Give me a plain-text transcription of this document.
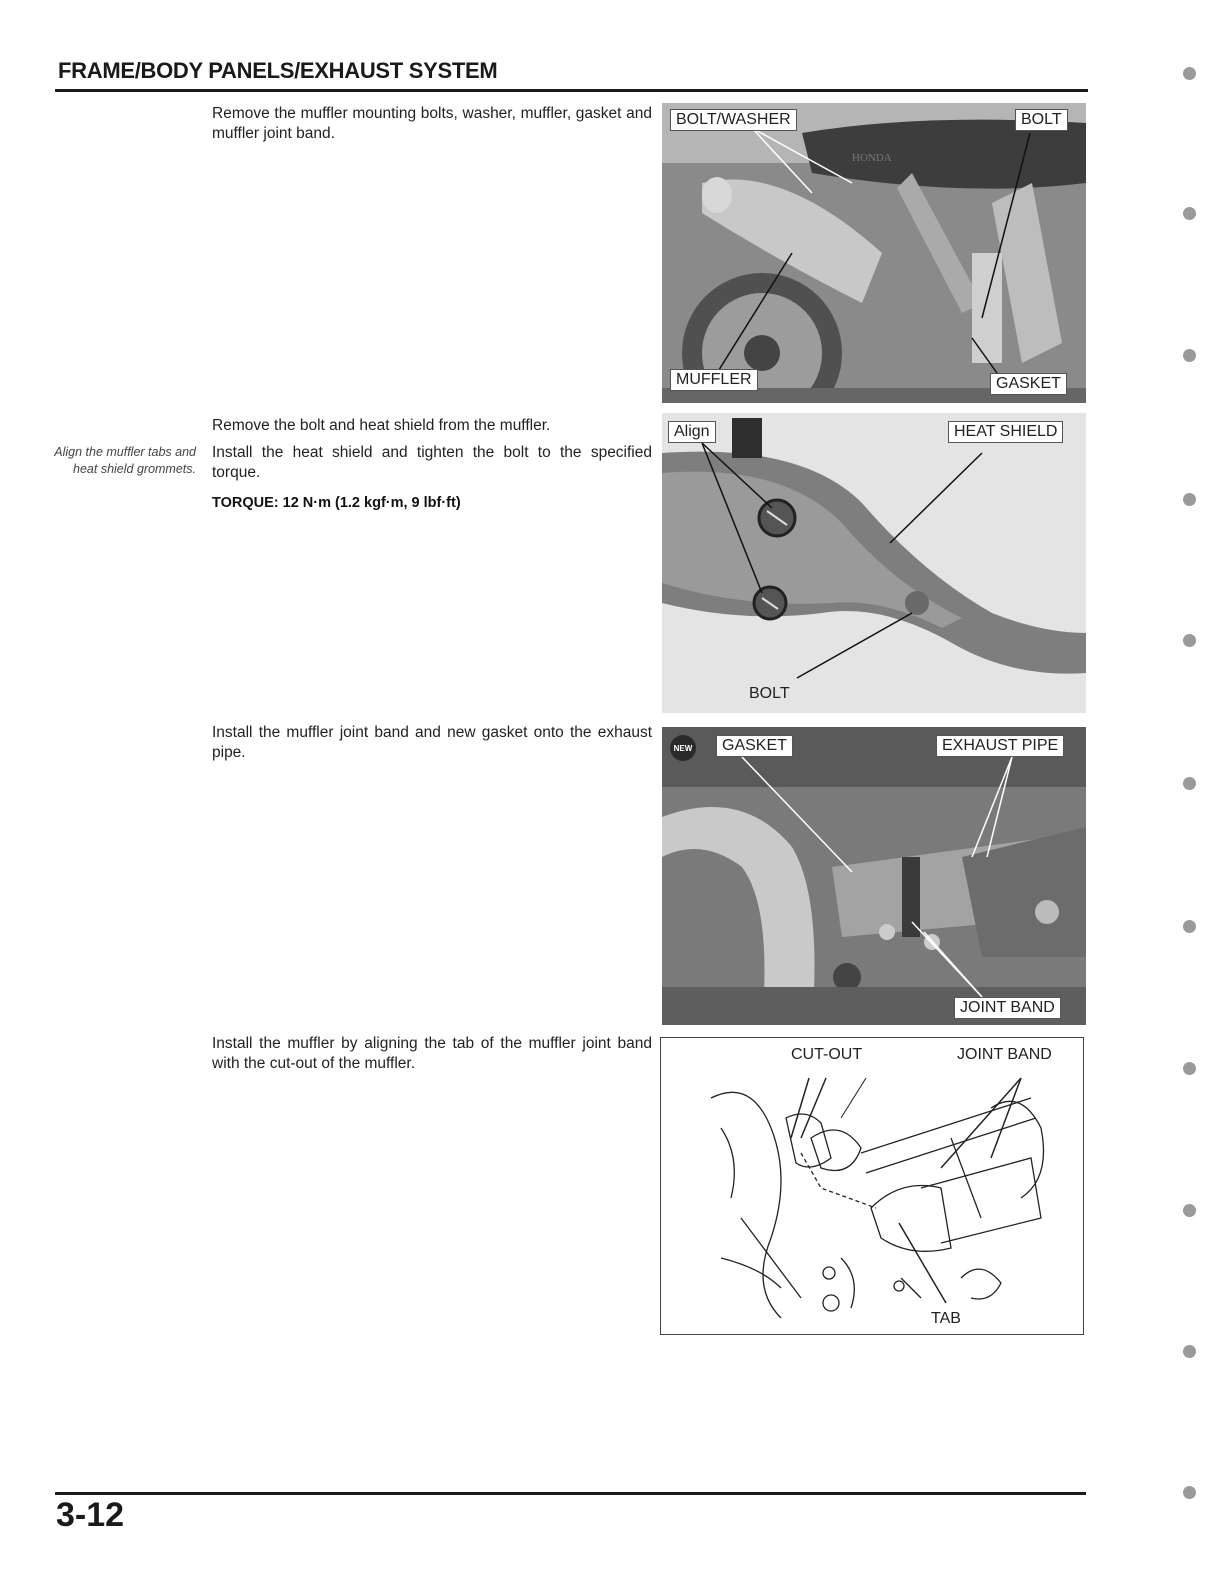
FRAME/BODY PANELS/EXHAUST SYSTEM
Remove the muffler mounting bolts, washer, muffler, gasket and muffler joint band.
HONDA
BOLT/WASHER	BOLT
MUFFLER	GASKET
Remove the bolt and heat shield from the muffler.
Align the muffler tabs and heat shield grommets.
Install the heat shield and tighten the bolt to the specified torque.
TORQUE: 12 N·m (1.2 kgf·m, 9 lbf·ft)
Align	HEAT SHIELD
BOLT
Install the muffler joint band and new gasket onto the exhaust pipe.	NEW	GASKET	EXHAUST PIPE
JOINT BAND
Install the muffler by aligning the tab of the muffler joint band with the cut-out of the muffler.
CUT-OUT	JOINT BAND
TAB
3-12
